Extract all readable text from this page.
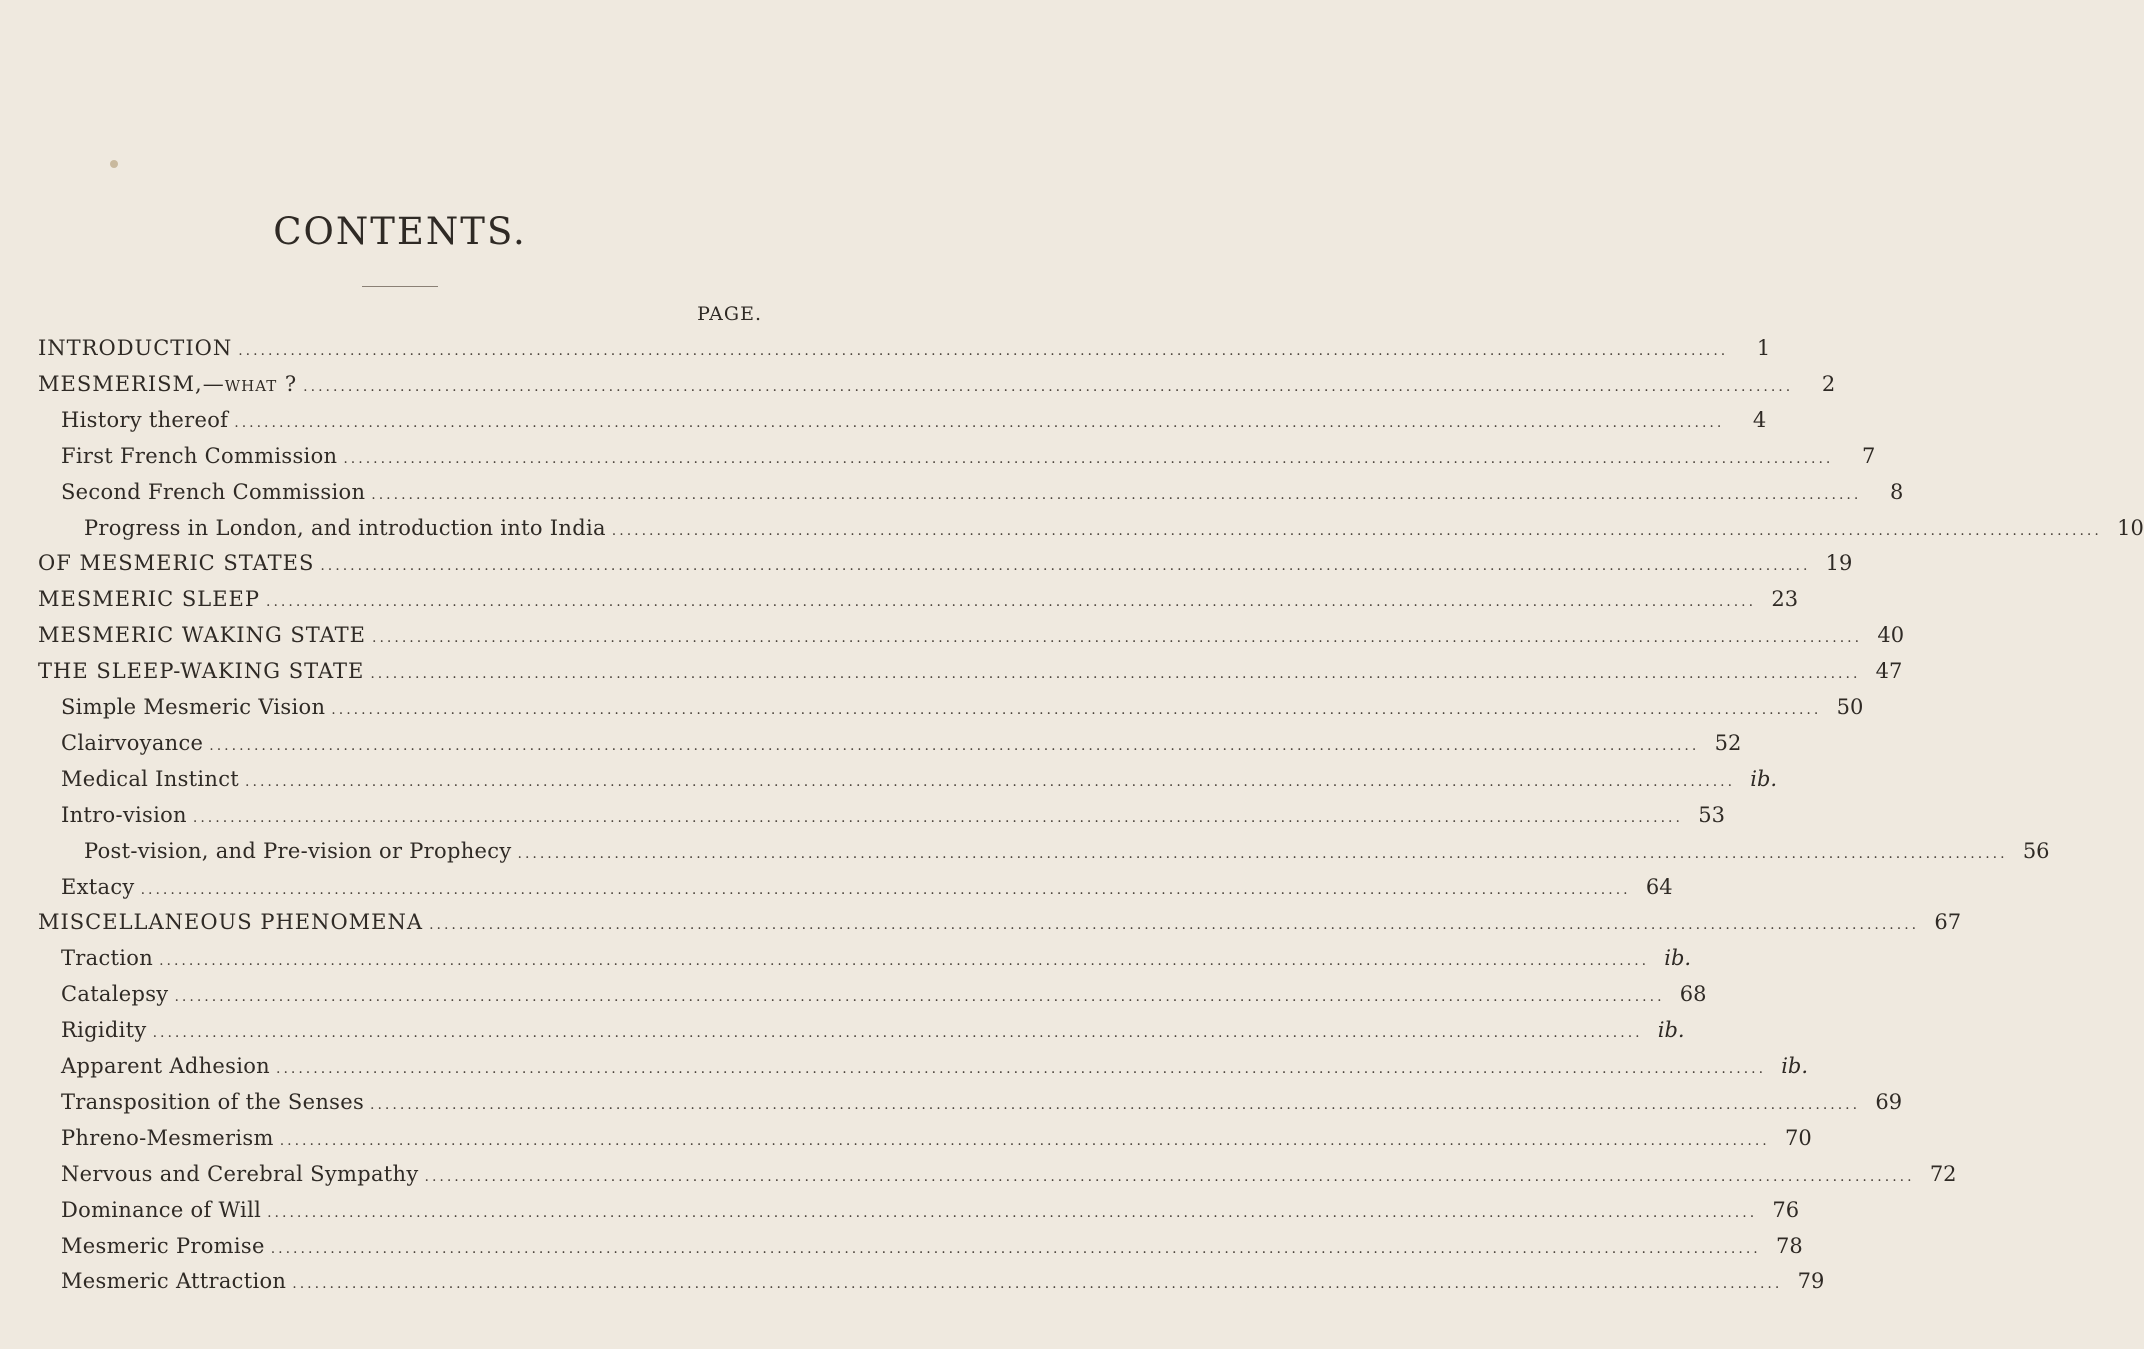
CONTENTS.
PAGE.
INTRODUCTION ........................................................................................................................................................................................................	1
MESMERISM,—what ? ........................................................................................................................................................................................................	2
History thereof ........................................................................................................................................................................................................	4
First French Commission ........................................................................................................................................................................................................	7
Second French Commission ........................................................................................................................................................................................................	8
Progress in London, and introduction into India ........................................................................................................................................................................................................ 10
OF MESMERIC STATES ........................................................................................................................................................................................................ 19
MESMERIC SLEEP ........................................................................................................................................................................................................ 23
MESMERIC WAKING STATE ........................................................................................................................................................................................................ 40
THE SLEEP-WAKING STATE ........................................................................................................................................................................................................ 47
Simple Mesmeric Vision ........................................................................................................................................................................................................ 50
Clairvoyance ........................................................................................................................................................................................................ 52
Medical Instinct ........................................................................................................................................................................................................ ib.
Intro-vision ........................................................................................................................................................................................................ 53
Post-vision, and Pre-vision or Prophecy ........................................................................................................................................................................................................ 56
Extacy ........................................................................................................................................................................................................ 64
MISCELLANEOUS PHENOMENA ........................................................................................................................................................................................................ 67
Traction ........................................................................................................................................................................................................ ib.
Catalepsy ........................................................................................................................................................................................................ 68
Rigidity ........................................................................................................................................................................................................ ib.
Apparent Adhesion ........................................................................................................................................................................................................ ib.
Transposition of the Senses ........................................................................................................................................................................................................ 69
Phreno-Mesmerism ........................................................................................................................................................................................................ 70
Nervous and Cerebral Sympathy ........................................................................................................................................................................................................ 72
Dominance of Will ........................................................................................................................................................................................................ 76
Mesmeric Promise ........................................................................................................................................................................................................ 78
Mesmeric Attraction ........................................................................................................................................................................................................ 79
